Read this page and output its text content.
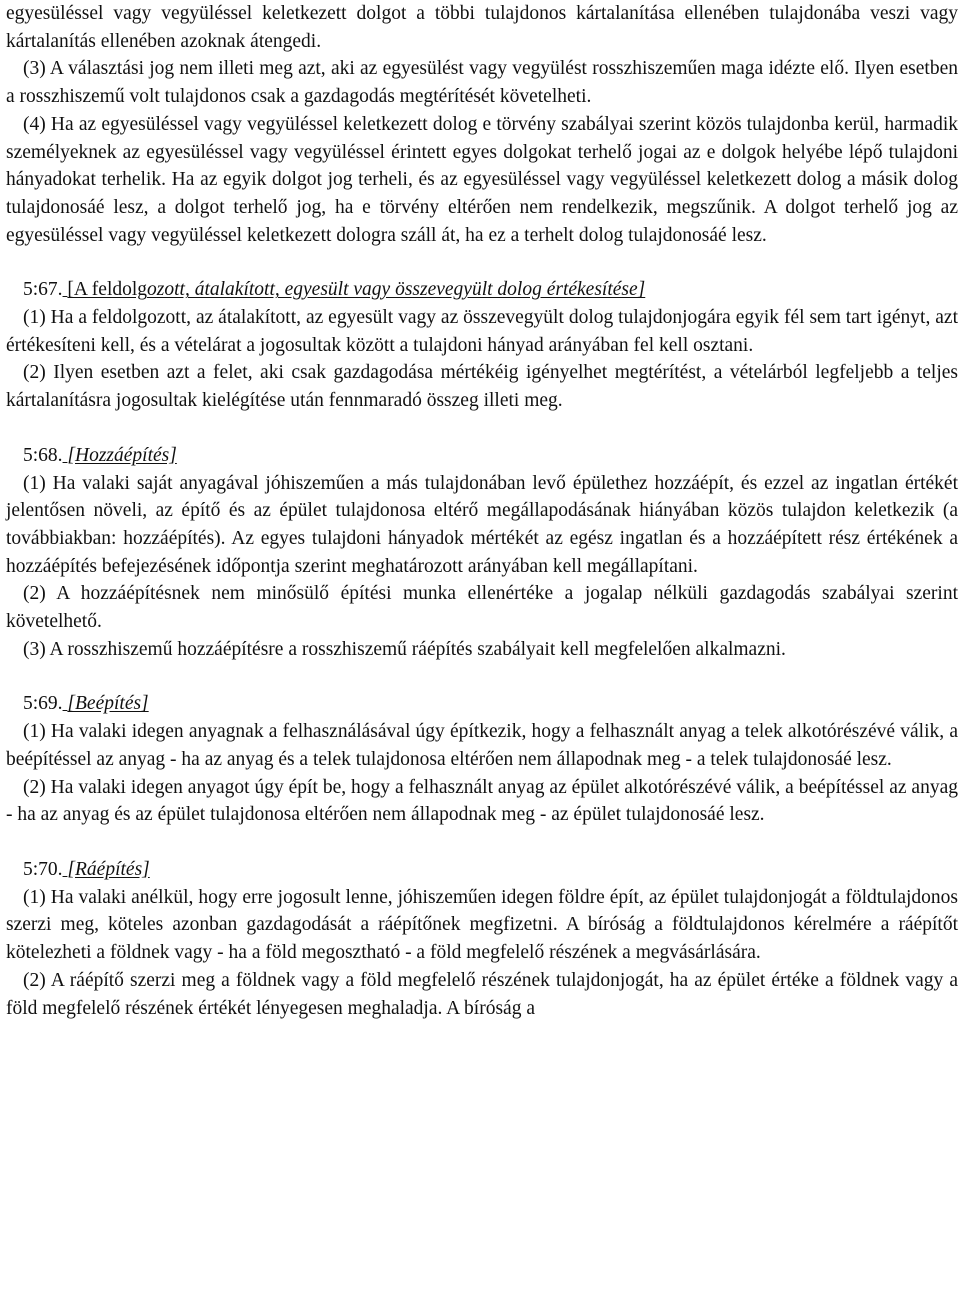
egyesüléssel vagy vegyüléssel keletkezett dolgot a többi tulajdonos kártalanítása ellenében tulajdonába veszi vagy kártalanítás ellenében azoknak átengedi.

(3) A választási jog nem illeti meg azt, aki az egyesülést vagy vegyülést rosszhiszeműen maga idézte elő. Ilyen esetben a rosszhiszemű volt tulajdonos csak a gazdagodás megtérítését követelheti.

(4) Ha az egyesüléssel vagy vegyüléssel keletkezett dolog e törvény szabályai szerint közös tulajdonba kerül, harmadik személyeknek az egyesüléssel vagy vegyüléssel érintett egyes dolgokat terhelő jogai az e dolgok helyébe lépő tulajdoni hányadokat terhelik. Ha az egyik dolgot jog terheli, és az egyesüléssel vagy vegyüléssel keletkezett dolog a másik dolog tulajdonosáé lesz, a dolgot terhelő jog, ha e törvény eltérően nem rendelkezik, megszűnik. A dolgot terhelő jog az egyesüléssel vagy vegyüléssel keletkezett dologra száll át, ha ez a terhelt dolog tulajdonosáé lesz.

5:67. [A feldolgozott, átalakított, egyesült vagy összevegyült dolog értékesítése]

(1) Ha a feldolgozott, az átalakított, az egyesült vagy az összevegyült dolog tulajdonjogára egyik fél sem tart igényt, azt értékesíteni kell, és a vételárat a jogosultak között a tulajdoni hányad arányában fel kell osztani.

(2) Ilyen esetben azt a felet, aki csak gazdagodása mértékéig igényelhet megtérítést, a vételárból legfeljebb a teljes kártalanításra jogosultak kielégítése után fennmaradó összeg illeti meg.

5:68. [Hozzáépítés]

(1) Ha valaki saját anyagával jóhiszeműen a más tulajdonában levő épülethez hozzáépít, és ezzel az ingatlan értékét jelentősen növeli, az építő és az épület tulajdonosa eltérő megállapodásának hiányában közös tulajdon keletkezik (a továbbiakban: hozzáépítés). Az egyes tulajdoni hányadok mértékét az egész ingatlan és a hozzáépített rész értékének a hozzáépítés befejezésének időpontja szerint meghatározott arányában kell megállapítani.

(2) A hozzáépítésnek nem minősülő építési munka ellenértéke a jogalap nélküli gazdagodás szabályai szerint követelhető.

(3) A rosszhiszemű hozzáépítésre a rosszhiszemű ráépítés szabályait kell megfelelően alkalmazni.

5:69. [Beépítés]

(1) Ha valaki idegen anyagnak a felhasználásával úgy építkezik, hogy a felhasznált anyag a telek alkotórészévé válik, a beépítéssel az anyag - ha az anyag és a telek tulajdonosa eltérően nem állapodnak meg - a telek tulajdonosáé lesz.

(2) Ha valaki idegen anyagot úgy épít be, hogy a felhasznált anyag az épület alkotórészévé válik, a beépítéssel az anyag - ha az anyag és az épület tulajdonosa eltérően nem állapodnak meg - az épület tulajdonosáé lesz.

5:70. [Ráépítés]

(1) Ha valaki anélkül, hogy erre jogosult lenne, jóhiszeműen idegen földre épít, az épület tulajdonjogát a földtulajdonos szerzi meg, köteles azonban gazdagodását a ráépítőnek megfizetni. A bíróság a földtulajdonos kérelmére a ráépítőt kötelezheti a földnek vagy - ha a föld megosztható - a föld megfelelő részének a megvásárlására.

(2) A ráépítő szerzi meg a földnek vagy a föld megfelelő részének tulajdonjogát, ha az épület értéke a földnek vagy a föld megfelelő részének értékét lényegesen meghaladja. A bíróság a
